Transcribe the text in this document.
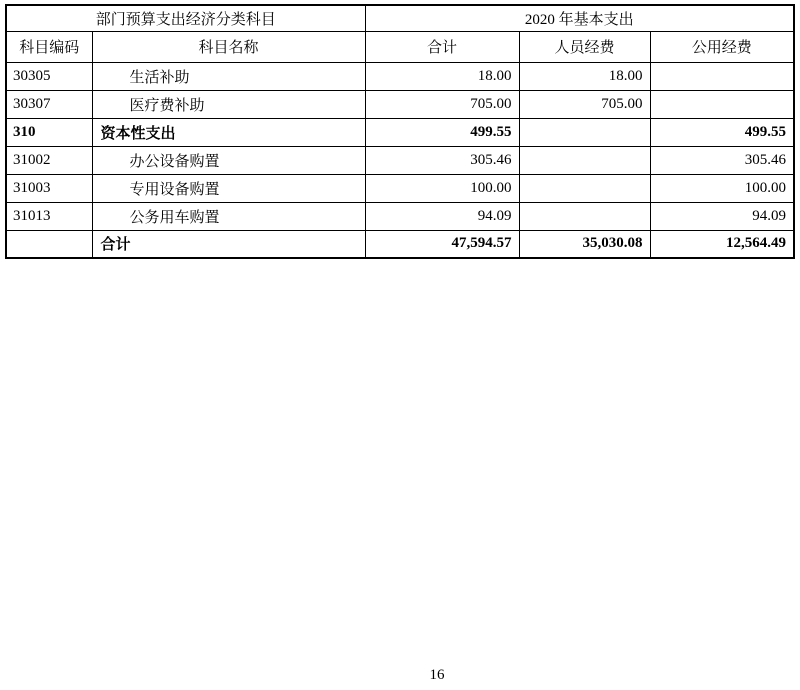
部门预算支出经济分类科目		2020 年基本支出		
科目编码	科目名称	合计	人员经费	公用经费
30305	生活补助	18.00	18.00	
30307	医疗费补助	705.00	705.00	
310	资本性支出	499.55		499.55
31002	办公设备购置	305.46		305.46
31003	专用设备购置	100.00		100.00
31013	公务用车购置	94.09		94.09
	合计	47,594.57	35,030.08	12,564.49
16
